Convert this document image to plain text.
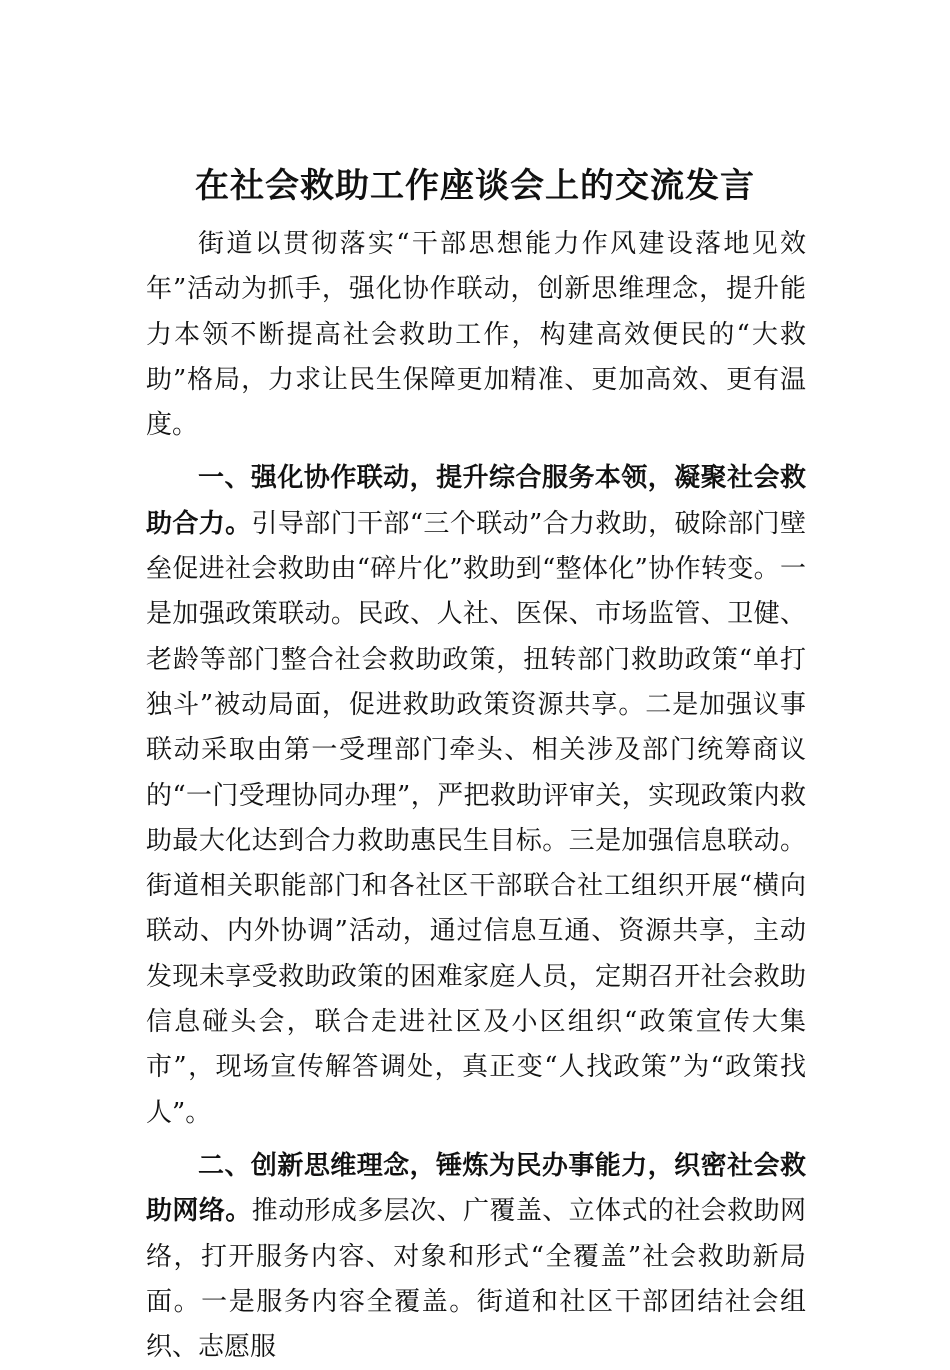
在社会救助工作座谈会上的交流发言

街道以贯彻落实“干部思想能力作风建设落地见效年”活动为抓手，强化协作联动，创新思维理念，提升能力本领不断提高社会救助工作，构建高效便民的“大救助”格局，力求让民生保障更加精准、更加高效、更有温度。

一、强化协作联动，提升综合服务本领，凝聚社会救助合力。引导部门干部“三个联动”合力救助，破除部门壁垒促进社会救助由“碎片化”救助到“整体化”协作转变。一是加强政策联动。民政、人社、医保、市场监管、卫健、老龄等部门整合社会救助政策，扭转部门救助政策“单打独斗”被动局面，促进救助政策资源共享。二是加强议事联动采取由第一受理部门牵头、相关涉及部门统筹商议的“一门受理协同办理”，严把救助评审关，实现政策内救助最大化达到合力救助惠民生目标。三是加强信息联动。街道相关职能部门和各社区干部联合社工组织开展“横向联动、内外协调”活动，通过信息互通、资源共享，主动发现未享受救助政策的困难家庭人员，定期召开社会救助信息碰头会，联合走进社区及小区组织“政策宣传大集市”，现场宣传解答调处，真正变“人找政策”为“政策找人”。

二、创新思维理念，锤炼为民办事能力，织密社会救助网络。推动形成多层次、广覆盖、立体式的社会救助网络，打开服务内容、对象和形式“全覆盖”社会救助新局面。一是服务内容全覆盖。街道和社区干部团结社会组织、志愿服
